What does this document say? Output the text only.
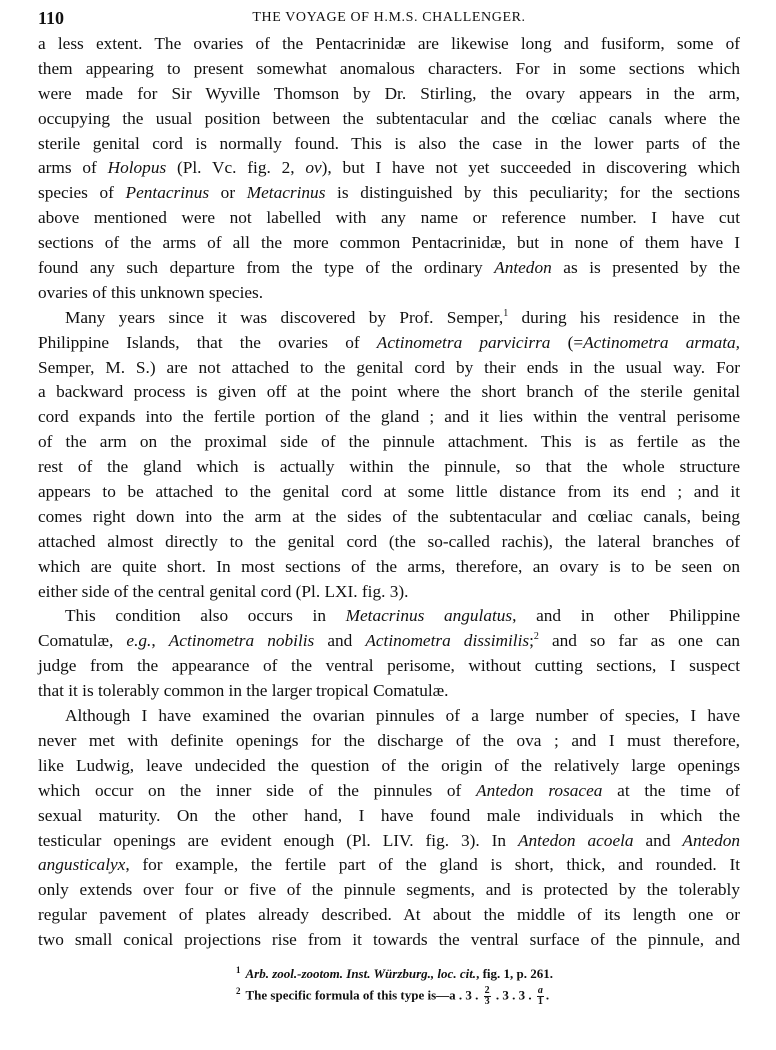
110	THE VOYAGE OF H.M.S. CHALLENGER.
a less extent. The ovaries of the Pentacrinidæ are likewise long and fusiform, some of
them appearing to present somewhat anomalous characters. For in some sections which
were made for Sir Wyville Thomson by Dr. Stirling, the ovary appears in the arm,
occupying the usual position between the subtentacular and the cœliac canals where the
sterile genital cord is normally found. This is also the case in the lower parts of the
arms of Holopus (Pl. Vc. fig. 2, ov), but I have not yet succeeded in discovering which
species of Pentacrinus or Metacrinus is distinguished by this peculiarity; for the sections
above mentioned were not labelled with any name or reference number. I have cut
sections of the arms of all the more common Pentacrinidæ, but in none of them have I
found any such departure from the type of the ordinary Antedon as is presented by the
ovaries of this unknown species.
Many years since it was discovered by Prof. Semper,$^1$ during his residence in the
Philippine Islands, that the ovaries of Actinometra parvicirra (=Actinometra armata,
Semper, M. S.) are not attached to the genital cord by their ends in the usual way. For
a backward process is given off at the point where the short branch of the sterile genital
cord expands into the fertile portion of the gland ; and it lies within the ventral perisome
of the arm on the proximal side of the pinnule attachment. This is as fertile as the
rest of the gland which is actually within the pinnule, so that the whole structure
appears to be attached to the genital cord at some little distance from its end ; and it
comes right down into the arm at the sides of the subtentacular and cœliac canals, being
attached almost directly to the genital cord (the so-called rachis), the lateral branches of
which are quite short. In most sections of the arms, therefore, an ovary is to be seen on
either side of the central genital cord (Pl. LXI. fig. 3).
This condition also occurs in Metacrinus angulatus, and in other Philippine
Comatulæ, e.g., Actinometra nobilis and Actinometra dissimilis;$^2$ and so far as one can
judge from the appearance of the ventral perisome, without cutting sections, I suspect
that it is tolerably common in the larger tropical Comatulæ.
Although I have examined the ovarian pinnules of a large number of species, I have
never met with definite openings for the discharge of the ova ; and I must therefore,
like Ludwig, leave undecided the question of the origin of the relatively large openings
which occur on the inner side of the pinnules of Antedon rosacea at the time of
sexual maturity. On the other hand, I have found male individuals in which the
testicular openings are evident enough (Pl. LIV. fig. 3). In Antedon acoela and Antedon
angusticalyx, for example, the fertile part of the gland is short, thick, and rounded. It
only extends over four or five of the pinnule segments, and is protected by the tolerably
regular pavement of plates already described. At about the middle of its length one or
two small conical projections rise from it towards the ventral surface of the pinnule, and
$^1$ Arb. zool.-zootom. Inst. Würzburg., loc. cit., fig. 1, p. 261.
$^2$ The specific formula of this type is—a . 3 . $\frac{2}{3}$ . 3 . 3 . $\frac{a}{1}$ .
